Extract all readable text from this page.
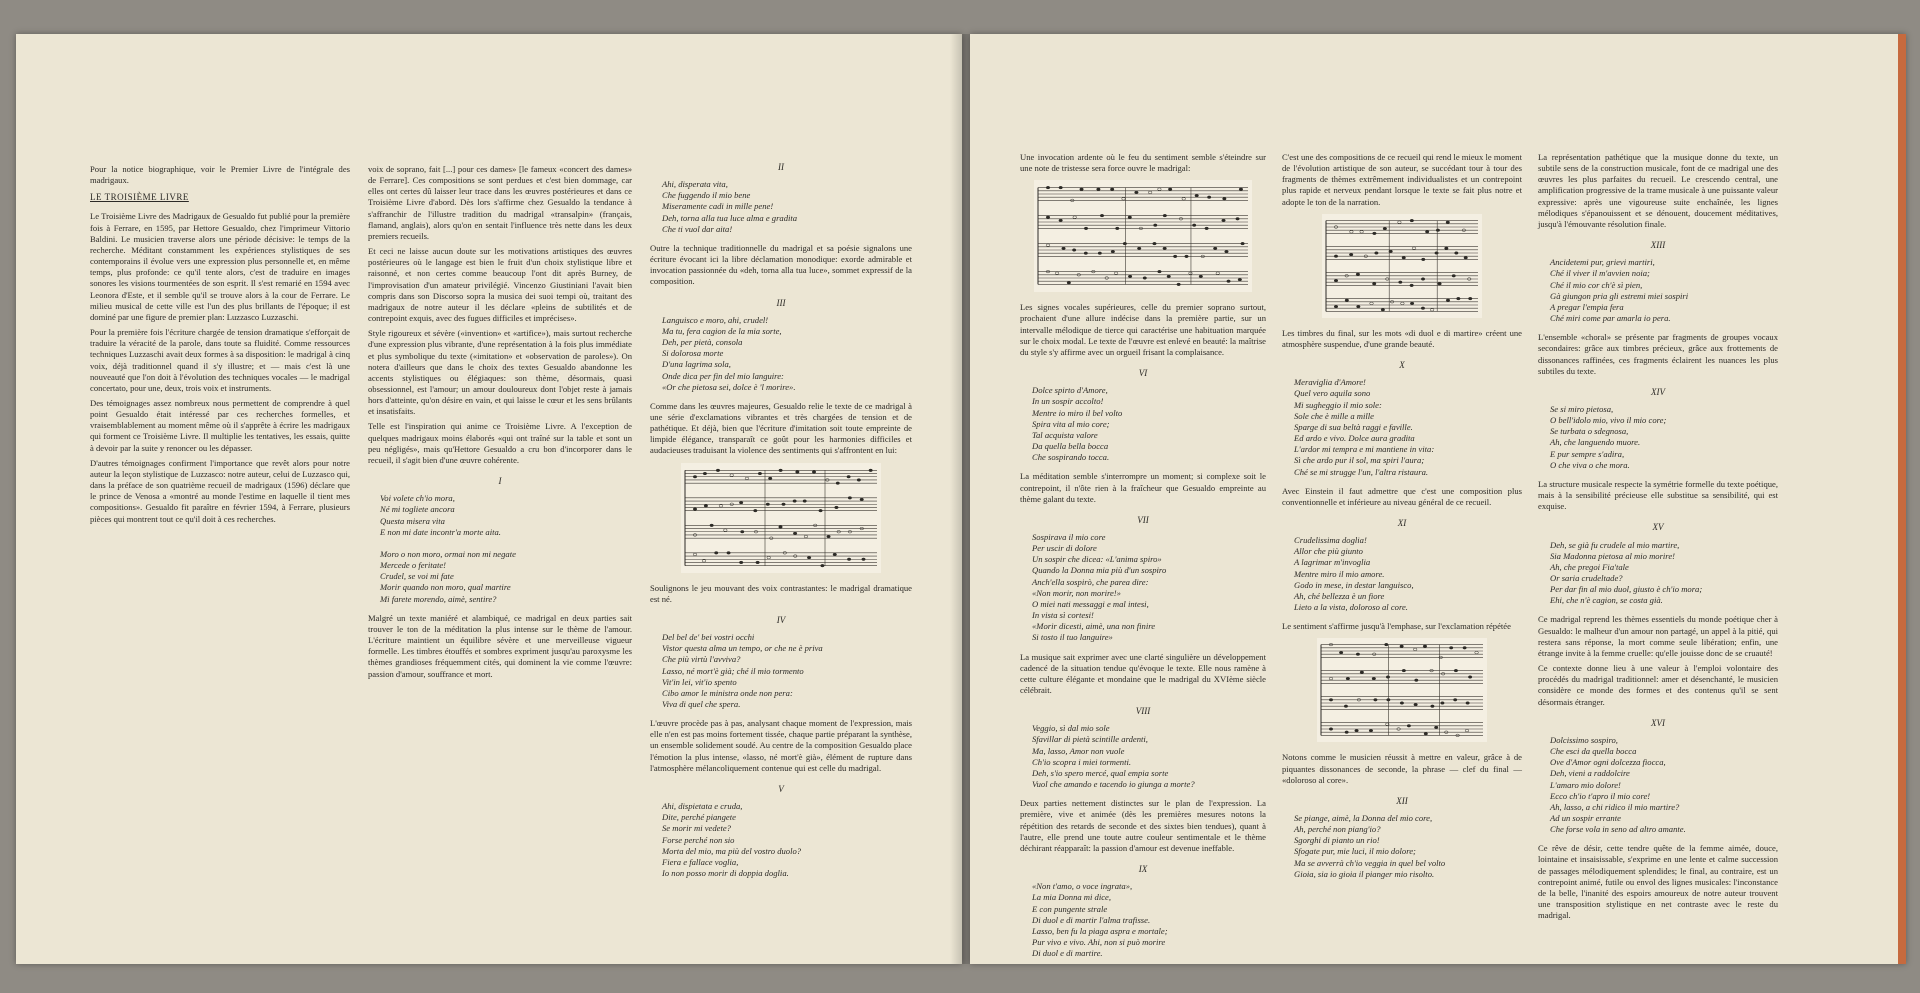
Pour la notice biographique, voir le Premier Livre de l'intégrale des madrigaux.

LE TROISIÈME LIVRE

Le Troisième Livre des Madrigaux de Gesualdo fut publié pour la première fois à Ferrare, en 1595, par Hettore Gesualdo, chez l'imprimeur Vittorio Baldini. Le musicien traverse alors une période décisive: le temps de la recherche. Méditant constamment les expériences stylistiques de ses contemporains il évolue vers une expression plus personnelle et, en même temps, plus profonde: ce qu'il tente alors, c'est de traduire en images sonores les visions tourmentées de son esprit. Il s'est remarié en 1594 avec Leonora d'Este, et il semble qu'il se trouve alors à la cour de Ferrare. Le milieu musical de cette ville est l'un des plus brillants de l'époque; il est dominé par une figure de premier plan: Luzzasco Luzzaschi.

Pour la première fois l'écriture chargée de tension dramatique s'efforçait de traduire la véracité de la parole, dans toute sa fluidité. Comme ressources techniques Luzzaschi avait deux formes à sa disposition: le madrigal à cinq voix, déjà traditionnel quand il s'y illustre; et — mais c'est là une nouveauté que l'on doit à l'évolution des techniques vocales — le madrigal concertato, pour une, deux, trois voix et instruments.

Des témoignages assez nombreux nous permettent de comprendre à quel point Gesualdo était intéressé par ces recherches formelles, et vraisemblablement au moment même où il s'apprête à écrire les madrigaux qui forment ce Troisième Livre. Il multiplie les tentatives, les essais, quitte à devoir par la suite y renoncer ou les dépasser.

D'autres témoignages confirment l'importance que revêt alors pour notre auteur la leçon stylistique de Luzzasco: notre auteur, celui de Luzzasco qui, dans la préface de son quatrième recueil de madrigaux (1596) déclare que le prince de Venosa a «montré au monde l'estime en laquelle il tient mes compositions». Gesualdo fit paraître en février 1594, à Ferrare, plusieurs pièces qui montrent tout ce qu'il doit à ces recherches.

voix de soprano, fait [...] pour ces dames» [le fameux «concert des dames» de Ferrare]. Ces compositions se sont perdues et c'est bien dommage, car elles ont certes dû laisser leur trace dans les œuvres postérieures et dans ce Troisième Livre d'abord. Dès lors s'affirme chez Gesualdo la tendance à s'affranchir de l'illustre tradition du madrigal «transalpin» (français, flamand, anglais), alors qu'on en sentait l'influence très nette dans les deux premiers recueils.

Et ceci ne laisse aucun doute sur les motivations artistiques des œuvres postérieures où le langage est bien le fruit d'un choix stylistique libre et raisonné, et non certes comme beaucoup l'ont dit après Burney, de l'improvisation d'un amateur privilégié. Vincenzo Giustiniani l'avait bien compris dans son Discorso sopra la musica dei suoi tempi où, traitant des madrigaux de notre auteur il les déclare «pleins de subtilités et de contrepoint exquis, avec des fugues difficiles et imprécises».

Style rigoureux et sévère («invention» et «artifice»), mais surtout recherche d'une expression plus vibrante, d'une représentation à la fois plus immédiate et plus symbolique du texte («imitation» et «observation de paroles»). On notera d'ailleurs que dans le choix des textes Gesualdo abandonne les accents stylistiques ou élégiaques: son thème, désormais, quasi obsessionnel, est l'amour; un amour douloureux dont l'objet reste à jamais hors d'atteinte, qu'on désire en vain, et qui laisse le cœur et les sens brûlants et insatisfaits.

Telle est l'inspiration qui anime ce Troisième Livre. A l'exception de quelques madrigaux moins élaborés «qui ont traîné sur la table et sont un peu négligés», mais qu'Hettore Gesualdo a cru bon d'incorporer dans le recueil, il s'agit bien d'une œuvre cohérente.

I
Voi volete ch'io mora,
Né mi togliete ancora
Questa misera vita
E non mi date incontr'a morte aita.

Moro o non moro, ormai non mi negate
Mercede o feritate!
Crudel, se voi mi fate
Morir quando non moro, qual martire
Mi farete morendo, aimè, sentire?

Malgré un texte maniéré et alambiqué, ce madrigal en deux parties sait trouver le ton de la méditation la plus intense sur le thème de l'amour. L'écriture maintient un équilibre sévère et une merveilleuse vigueur formelle. Les timbres étouffés et sombres expriment jusqu'au paroxysme les thèmes grandioses fréquemment cités, qui dominent la vie comme l'œuvre: passion d'amour, souffrance et mort.

II
Ahi, disperata vita,
Che fuggendo il mio bene
Miseramente cadi in mille pene!
Deh, torna alla tua luce alma e gradita
Che ti vuol dar aita!

Outre la technique traditionnelle du madrigal et sa poésie signalons une écriture évocant ici la libre déclamation monodique: exorde admirable et invocation passionnée du «deh, torna alla tua luce», sommet expressif de la composition.

III
Languisco e moro, ahi, crudel!
Ma tu, fera cagion de la mia sorte,
Deh, per pietà, consola
Si dolorosa morte
D'una lagrima sola,
Onde dica per fin del mio languire:
«Or che pietosa sei, dolce è 'l morire».

Comme dans les œuvres majeures, Gesualdo relie le texte de ce madrigal à une série d'exclamations vibrantes et très chargées de tension et de pathétique. Et déjà, bien que l'écriture d'imitation soit toute empreinte de limpide élégance, transparaît ce goût pour les harmonies difficiles et audacieuses traduisant la violence des sentiments qui s'affrontent en lui:

Soulignons le jeu mouvant des voix contrastantes: le madrigal dramatique est né.

IV
Del bel de' bei vostri occhi
Vistor questa alma un tempo, or che ne è priva
Che più virtù l'avviva?
Lasso, né mort'è già; ché il mio tormento
Vit'in lei, vit'io spento
Cibo amor le ministra onde non pera:
Viva di quel che spera.

L'œuvre procède pas à pas, analysant chaque moment de l'expression, mais elle n'en est pas moins fortement tissée, chaque partie préparant la synthèse, un ensemble solidement soudé. Au centre de la composition Gesualdo place l'émotion la plus intense, «lasso, né mort'è già», élément de rupture dans l'atmosphère mélancoliquement contenue qui est celle du madrigal.

V
Ahi, dispietata e cruda,
Dite, perché piangete
Se morir mi vedete?
Forse perché non sio
Morta del mio, ma più del vostro duolo?
Fiera e fallace voglia,
Io non posso morir di doppia doglia.

Une invocation ardente où le feu du sentiment semble s'éteindre sur une note de tristesse sera force ouvre le madrigal:

Les signes vocales supérieures, celle du premier soprano surtout, prochaient d'une allure indécise dans la première partie, sur un intervalle mélodique de tierce qui caractérise une habituation marquée sur le choix modal. Le texte de l'œuvre est enlevé en beauté: la maîtrise du style s'y affirme avec un orgueil frisant la complaisance.

VI
Dolce spirto d'Amore,
In un sospir accolto!
Mentre io miro il bel volto
Spira vita al mio core;
Tal acquista valore
Da quella bella bocca
Che sospirando tocca.

La méditation semble s'interrompre un moment; si complexe soit le contrepoint, il n'ôte rien à la fraîcheur que Gesualdo empreinte au thème galant du texte.

VII
Sospirava il mio core
Per uscir di dolore
Un sospir che dicea: «L'anima spiro»
Quando la Donna mia più d'un sospiro
Anch'ella sospirò, che parea dire:
«Non morir, non morire!»
O miei nati messaggi e mal intesi,
In vista sì cortesi!
«Morir dicesti, aimè, una non finire
Si tosto il tuo languire»

La musique sait exprimer avec une clarté singulière un développement cadencé de la situation tendue qu'évoque le texte. Elle nous ramène à cette culture élégante et mondaine que le madrigal du XVIème siècle célébrait.

VIII
Veggio, sì dal mio sole
Sfavillar di pietà scintille ardenti,
Ma, lasso, Amor non vuole
Ch'io scopra i miei tormenti.
Deh, s'io spero mercé, qual empia sorte
Vuol che amando e tacendo io giunga a morte?

Deux parties nettement distinctes sur le plan de l'expression. La première, vive et animée (dès les premières mesures notons la répétition des retards de seconde et des sixtes bien tendues), quant à l'autre, elle prend une toute autre couleur sentimentale et le thème déchirant réapparaît: la passion d'amour est devenue ineffable.

IX
«Non t'amo, o voce ingrata»,
La mia Donna mi dice,
E con pungente strale
Di duol e di martir l'alma trafisse.
Lasso, ben fu la piaga aspra e mortale;
Pur vivo e vivo. Ahi, non si può morire
Di duol e di martire.

C'est une des compositions de ce recueil qui rend le mieux le moment de l'évolution artistique de son auteur, se succédant tour à tour des fragments de thèmes extrêmement individualistes et un contrepoint plus rapide et nerveux pendant lorsque le texte se fait plus notre et adopte le ton de la narration.

Les timbres du final, sur les mots «di duol e di martire» créent une atmosphère suspendue, d'une grande beauté.

X
Meraviglia d'Amore!
Quel vero aquila sono
Mi sugheggio il mio sole:
Sole che è mille a mille
Sparge di sua beltà raggi e faville.
Ed ardo e vivo. Dolce aura gradita
L'ardor mi tempra e mi mantiene in vita:
Sì che ardo pur il sol, ma spiri l'aura;
Ché se mi strugge l'un, l'altra ristaura.

Avec Einstein il faut admettre que c'est une composition plus conventionnelle et inférieure au niveau général de ce recueil.

XI
Crudelissima doglia!
Allor che più giunto
A lagrimar m'invoglia
Mentre miro il mio amore.
Godo in mese, in destar languisco,
Ah, ché bellezza è un fiore
Lieto a la vista, doloroso al core.

Le sentiment s'affirme jusqu'à l'emphase, sur l'exclamation répétée

Notons comme le musicien réussit à mettre en valeur, grâce à de piquantes dissonances de seconde, la phrase — clef du final — «doloroso al core».

XII
Se piange, aimè, la Donna del mio core,
Ah, perché non piang'io?
Sgorghi di pianto un rio!
Sfogate pur, mie luci, il mio dolore;
Ma se avverrà ch'io veggia in quel bel volto
Gioia, sia io gioia il pianger mio risolto.

La représentation pathétique que la musique donne du texte, un subtile sens de la construction musicale, font de ce madrigal une des œuvres les plus parfaites du recueil. Le crescendo central, une amplification progressive de la trame musicale à une puissante valeur expressive: après une vigoureuse suite enchaînée, les lignes mélodiques s'épanouissent et se dénouent, doucement méditatives, jusqu'à l'émouvante résolution finale.

XIII
Ancidetemi pur, grievi martiri,
Ché il viver il m'avvien noia;
Ché il mio cor ch'è sì pien,
Gà giungon pria gli estremi miei sospiri
A pregar l'empia fera
Ché miri come par amarla io pera.

L'ensemble «choral» se présente par fragments de groupes vocaux secondaires: grâce aux timbres précieux, grâce aux frottements de dissonances raffinées, ces fragments éclairent les nuances les plus subtiles du texte.

XIV
Se si miro pietosa,
O bell'idolo mio, vivo il mio core;
Se turbata o sdegnosa,
Ah, che languendo muore.
E pur sempre s'adira,
O che viva o che mora.

La structure musicale respecte la symétrie formelle du texte poétique, mais à la sensibilité précieuse elle substitue sa sensibilité, qui est exquise.

XV
Deh, se già fu crudele al mio martire,
Sia Madonna pietosa al mio morire!
Ah, che pregoi Fia'tale
Or saria crudeltade?
Per dar fin al mio duol, giusto è ch'io mora;
Ehi, che n'è cagion, se costa già.

Ce madrigal reprend les thèmes essentiels du monde poétique cher à Gesualdo: le malheur d'un amour non partagé, un appel à la pitié, qui restera sans réponse, la mort comme seule libération; enfin, une étrange invite à la femme cruelle: qu'elle jouisse donc de se cruauté!

Ce contexte donne lieu à une valeur à l'emploi volontaire des procédés du madrigal traditionnel: amer et désenchanté, le musicien considère ce monde des formes et des contenus qu'il se sent désormais étranger.

XVI
Dolcissimo sospiro,
Che esci da quella bocca
Ove d'Amor ogni dolcezza fiocca,
Deh, vieni a raddolcire
L'amaro mio dolore!
Ecco ch'io t'apro il mio core!
Ah, lasso, a chi ridico il mio martire?
Ad un sospir errante
Che forse vola in seno ad altro amante.

Ce rêve de désir, cette tendre quête de la femme aimée, douce, lointaine et insaisissable, s'exprime en une lente et calme succession de passages mélodiquement splendides; le final, au contraire, est un contrepoint animé, futile ou envol des lignes musicales: l'inconstance de la belle, l'inanité des espoirs amoureux de notre auteur trouvent une transposition stylistique en net contraste avec le reste du madrigal.
